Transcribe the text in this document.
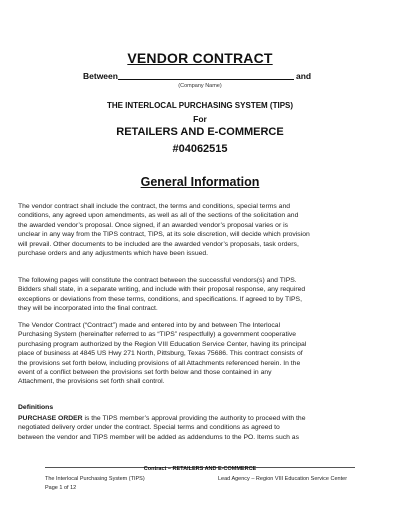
VENDOR CONTRACT
Between	and
(Company Name)
THE INTERLOCAL PURCHASING SYSTEM (TIPS)
For
RETAILERS AND E-COMMERCE
#04062515
General Information
The vendor contract shall include the contract, the terms and conditions, special terms and
conditions, any agreed upon amendments, as well as all of the sections of the solicitation and
the awarded vendor’s proposal. Once signed, if an awarded vendor’s proposal varies or is
unclear in any way from the TIPS contract, TIPS, at its sole discretion, will decide which provision
will prevail. Other documents to be included are the awarded vendor’s proposals, task orders,
purchase orders and any adjustments which have been issued.
The following pages will constitute the contract between the successful vendors(s) and TIPS.
Bidders shall state, in a separate writing, and include with their proposal response, any required
exceptions or deviations from these terms, conditions, and specifications. If agreed to by TIPS,
they will be incorporated into the final contract.
The Vendor Contract (“Contract”) made and entered into by and between The Interlocal
Purchasing System (hereinafter referred to as “TIPS” respectfully) a government cooperative
purchasing program authorized by the Region VIII Education Service Center, having its principal
place of business at 4845 US Hwy 271 North, Pittsburg, Texas 75686. This contract consists of
the provisions set forth below, including provisions of all Attachments referenced herein. In the
event of a conflict between the provisions set forth below and those contained in any
Attachment, the provisions set forth shall control.
Definitions
PURCHASE ORDER is the TIPS member’s approval providing the authority to proceed with the
negotiated delivery order under the contract. Special terms and conditions as agreed to
between the vendor and TIPS member will be added as addendums to the PO. Items such as
Contract – RETAILERS AND E-COMMERCE
The Interlocal Purchasing System (TIPS)
Page 1 of 12
Lead Agency – Region VIII Education Service Center
